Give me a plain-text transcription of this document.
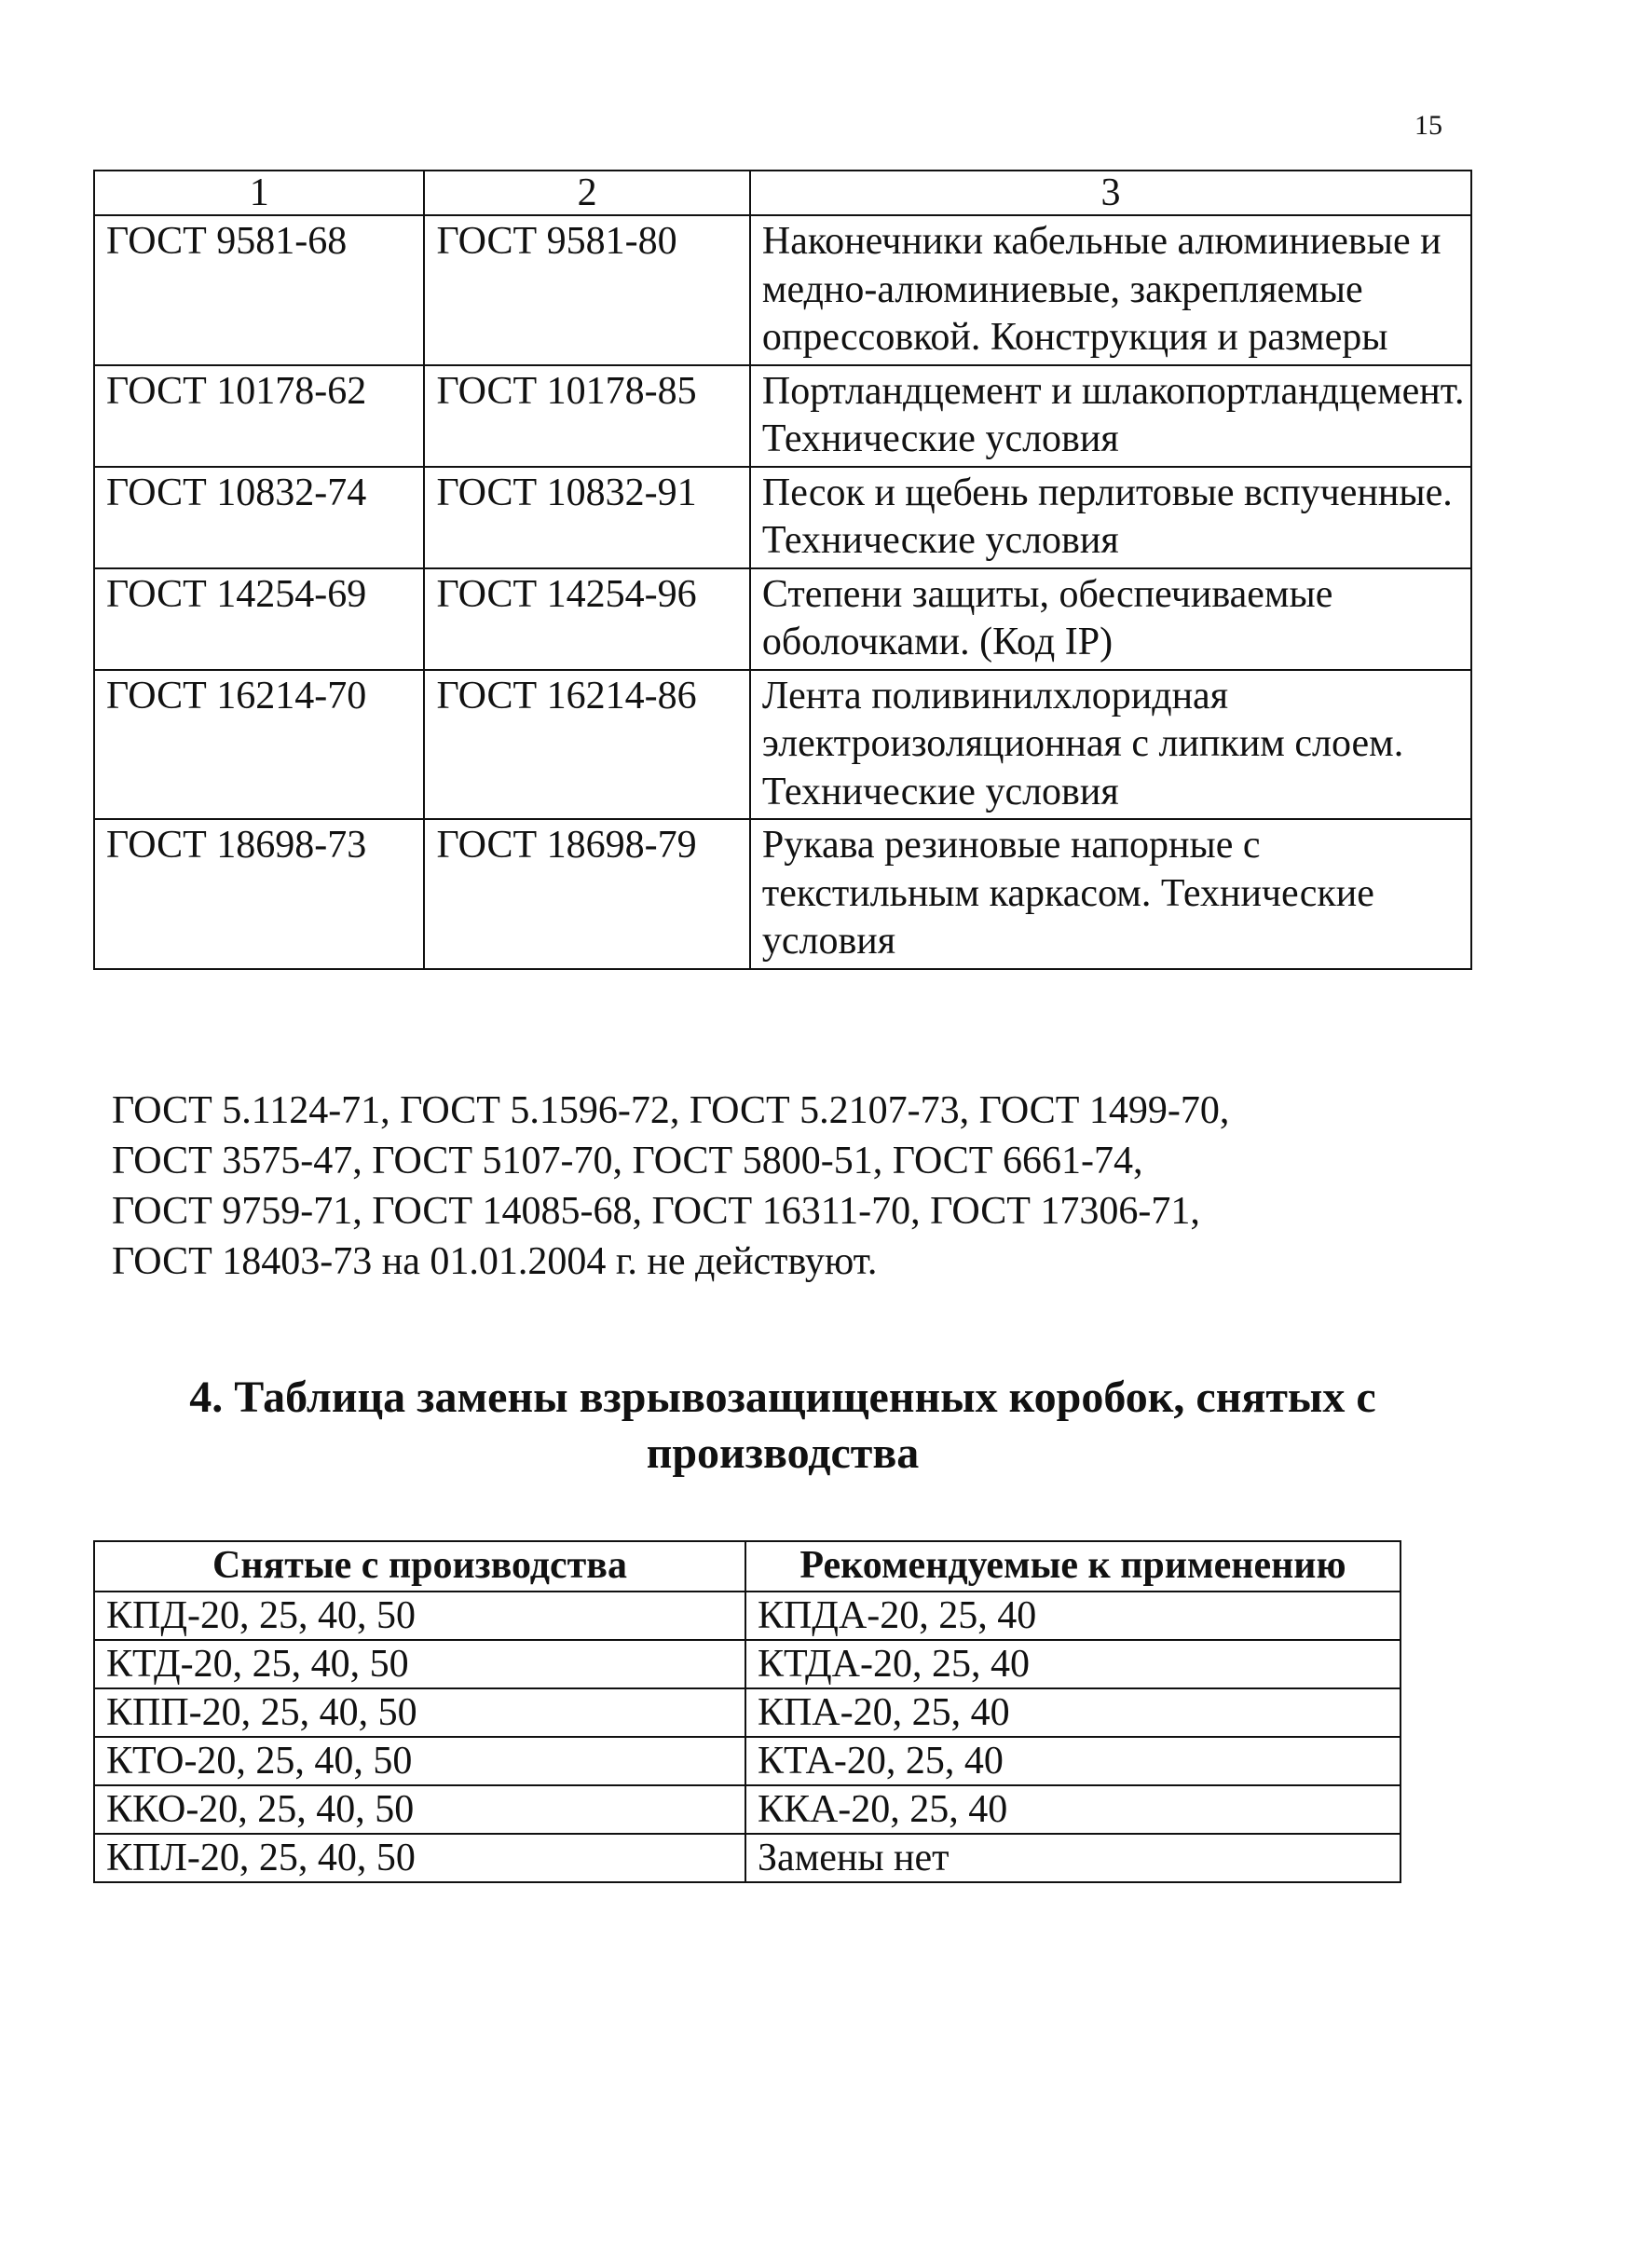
15
1	2	3
ГОСТ 9581-68	ГОСТ 9581-80	Наконечники кабельные алюминиевые и медно-алюминиевые, закрепляемые опрессовкой. Конструкция и размеры
ГОСТ 10178-62	ГОСТ 10178-85	Портландцемент и шлакопортландцемент. Технические условия
ГОСТ 10832-74	ГОСТ 10832-91	Песок и щебень перлитовые вспученные. Технические условия
ГОСТ 14254-69	ГОСТ 14254-96	Степени защиты, обеспечиваемые оболочками. (Код IP)
ГОСТ 16214-70	ГОСТ 16214-86	Лента поливинилхлоридная электроизоляционная с липким слоем. Технические условия
ГОСТ 18698-73	ГОСТ 18698-79	Рукава резиновые напорные с текстильным каркасом. Технические условия
ГОСТ 5.1124-71, ГОСТ 5.1596-72, ГОСТ 5.2107-73, ГОСТ 1499-70,
ГОСТ 3575-47, ГОСТ 5107-70, ГОСТ 5800-51, ГОСТ 6661-74,
ГОСТ 9759-71, ГОСТ 14085-68, ГОСТ 16311-70, ГОСТ 17306-71,
ГОСТ 18403-73 на 01.01.2004 г. не действуют.
4. Таблица замены взрывозащищенных коробок, снятых с производства
Снятые с производства	Рекомендуемые к применению
КПД-20, 25, 40, 50	КПДА-20, 25, 40
КТД-20, 25, 40, 50	КТДА-20, 25, 40
КПП-20, 25, 40, 50	КПА-20, 25, 40
КТО-20, 25, 40, 50	КТА-20, 25, 40
ККО-20, 25, 40, 50	ККА-20, 25, 40
КПЛ-20, 25, 40, 50	Замены нет
